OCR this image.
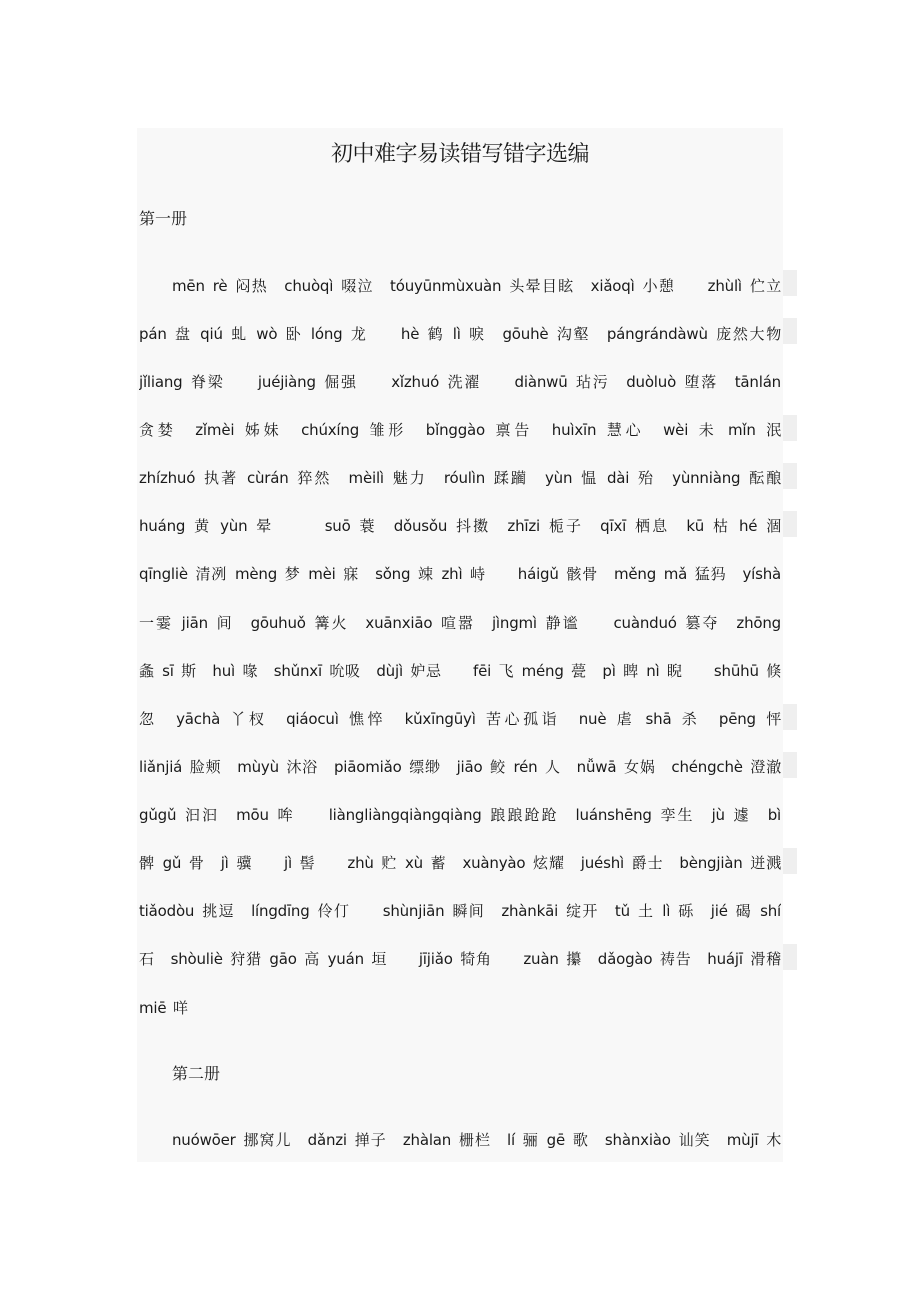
初中难字易读错写错字选编
第一册
mēn rè 闷热　chuòqì 啜泣　tóuyūnmùxuàn 头晕目眩　xiǎoqì 小憩　　zhùlì 伫立
pán 盘 qiú 虬 wò 卧 lóng 龙　　hè 鹤 lì 唳　gōuhè 沟壑　pángrándàwù 庞然大物
jǐliang 脊梁　　juéjiàng 倔强　　xǐzhuó 洗濯　　diànwū 玷污　duòluò 堕落　tānlán
贪婪　zǐmèi 姊妹　chúxíng 雏形　bǐnggào 禀告　huìxīn 慧心　wèi 未 mǐn 泯
zhízhuó 执著 cùrán 猝然　mèilì 魅力　róulìn 蹂躏　yùn 愠 dài 殆　yùnniàng 酝酿
huáng 黄 yùn 晕　　　suō 蓑　dǒusǒu 抖擞　zhīzi 栀子　qīxī 栖息　kū 枯 hé 涸
qīngliè 清冽 mèng 梦 mèi 寐　sǒng 竦 zhì 峙　　háigǔ 骸骨　měng mǎ 猛犸　yíshà
一霎 jiān 间　gōuhuǒ 篝火　xuānxiāo 喧嚣　jìngmì 静谧　　cuànduó 篡夺　zhōng
螽 sī 斯　huì 喙　shǔnxī 吮吸　dùjì 妒忌　　fēi 飞 méng 甍　pì 睥 nì 睨　　shūhū 倏
忽　yāchà 丫杈　qiáocuì 憔悴　kǔxīngūyì 苦心孤诣　nuè 虐 shā 杀　pēng 怦
liǎnjiá 脸颊　mùyù 沐浴　piāomiǎo 缥缈　jiāo 鲛 rén 人　nǚwā 女娲　chéngchè 澄澈
gǔgǔ 汩汩　mōu 哞　　liàngliàngqiàngqiàng 踉踉跄跄　luánshēng 孪生　jù 遽　bì
髀 gǔ 骨　jì 骥　　jì 髻　　zhù 贮 xù 蓄　xuànyào 炫耀　juéshì 爵士　bèngjiàn 迸溅
tiǎodòu 挑逗　língdīng 伶仃　　shùnjiān 瞬间　zhànkāi 绽开　tǔ 土 lì 砾　jié 碣 shí
石　shòuliè 狩猎 gāo 高 yuán 垣　　jījiǎo 犄角　　zuàn 攥　dǎogào 祷告　huájī 滑稽
miē 咩
第二册
nuówōer 挪窝儿　dǎnzi 掸子　zhàlan 栅栏　lí 骊 gē 歌　shànxiào 讪笑　mùjī 木
